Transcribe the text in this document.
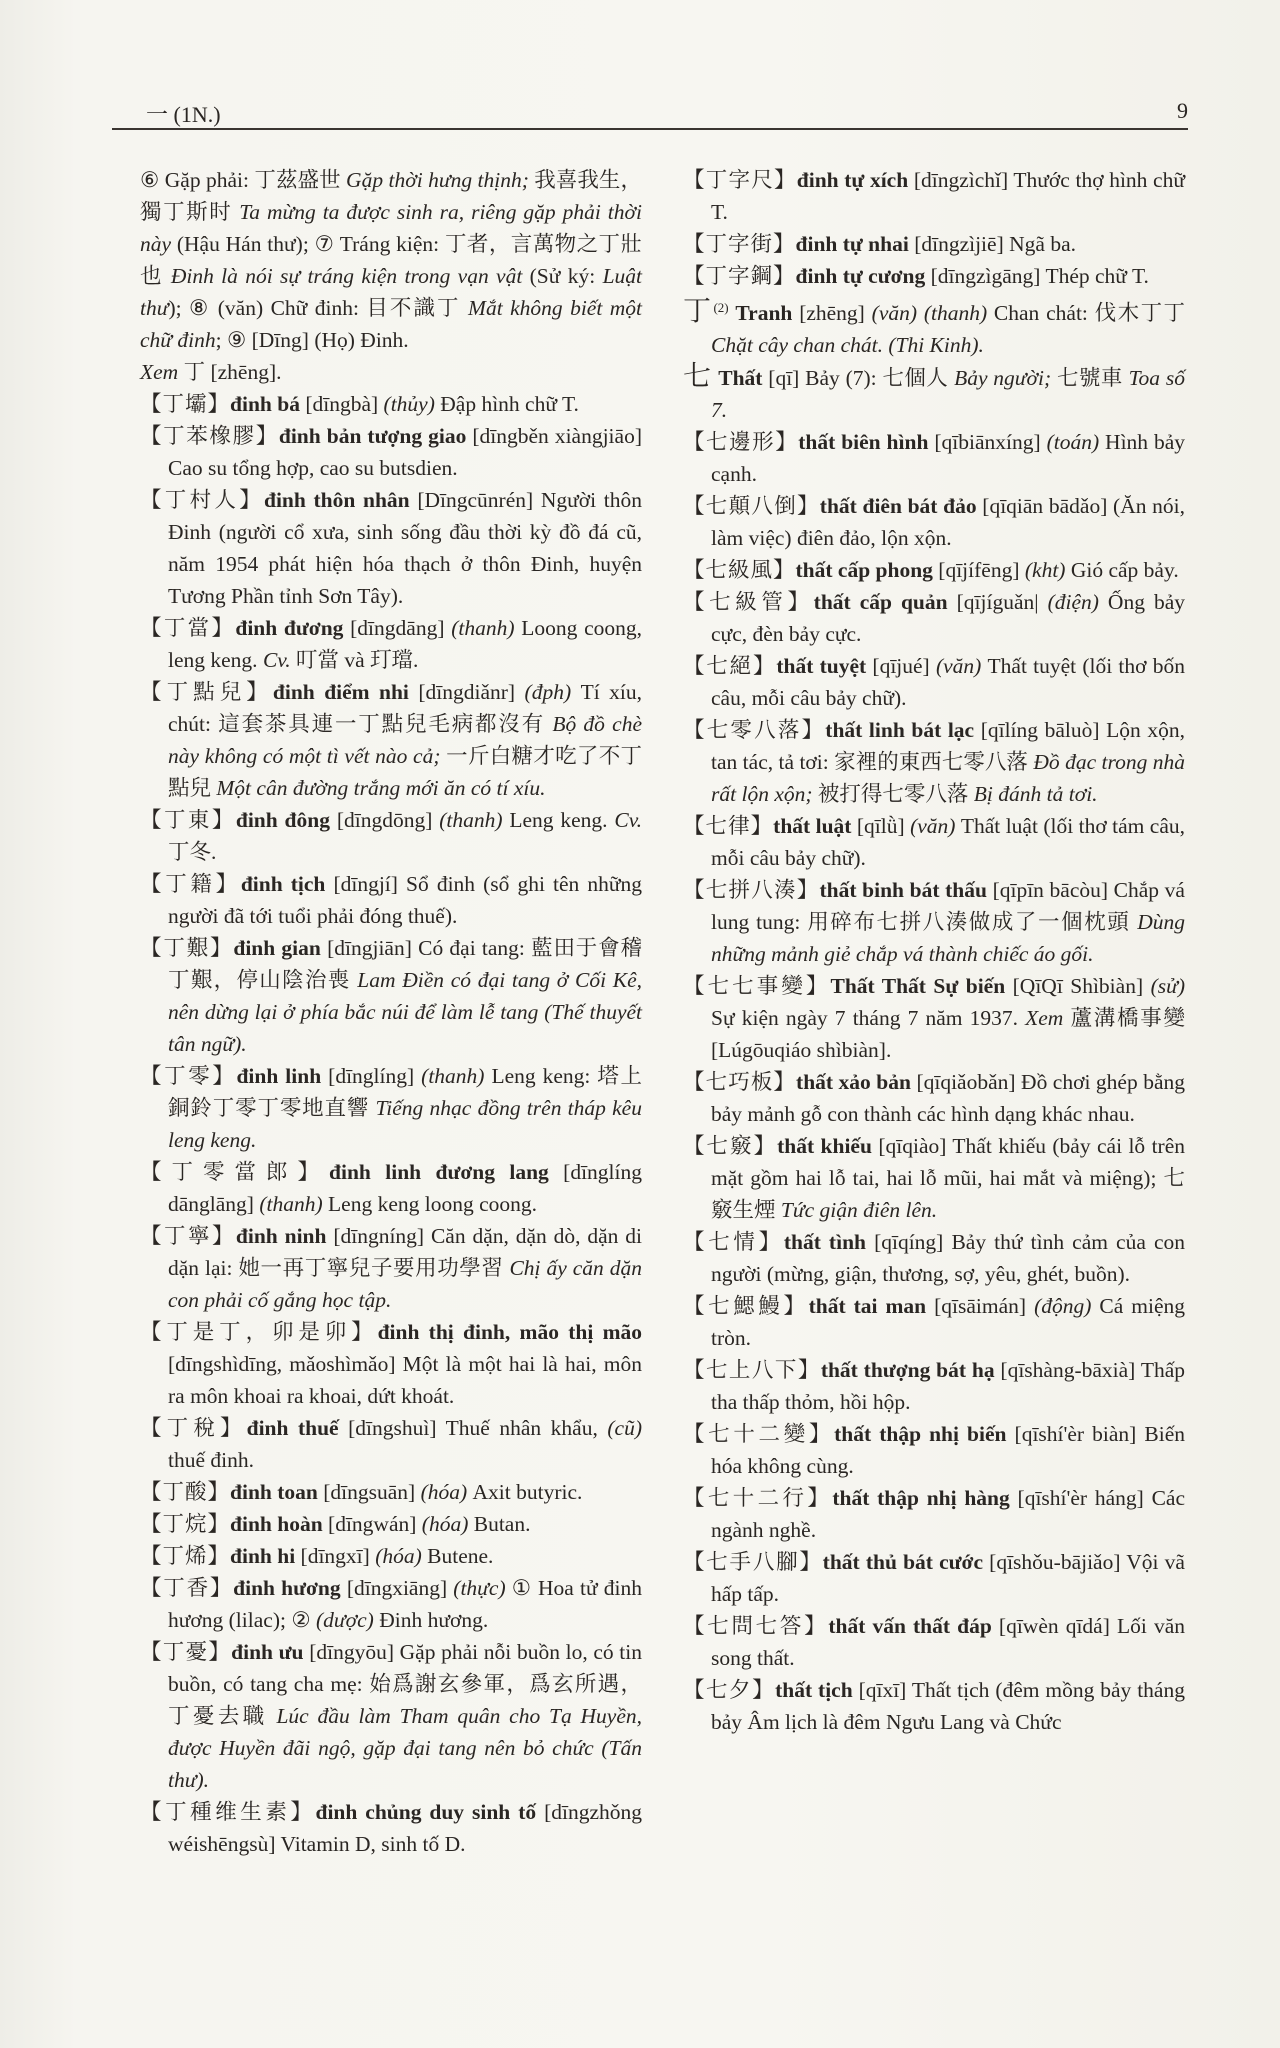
一 (1N.)	9

⑥ Gặp phải: 丁茲盛世 Gặp thời hưng thịnh; 我喜我生，獨丁斯时 Ta mừng ta được sinh ra, riêng gặp phải thời này (Hậu Hán thư); ⑦ Tráng kiện: 丁者，言萬物之丁壯也 Đinh là nói sự tráng kiện trong vạn vật (Sử ký: Luật thư); ⑧ (văn) Chữ đinh: 目不識丁 Mắt không biết một chữ đinh; ⑨ [Dīng] (Họ) Đinh.

Xem 丁 [zhēng].

【丁壩】đinh bá [dīngbà] (thủy) Đập hình chữ T.

【丁苯橡膠】đinh bản tượng giao [dīngběn xiàngjiāo] Cao su tổng hợp, cao su butsdien.

【丁村人】đinh thôn nhân [Dīngcūnrén] Người thôn Đinh (người cổ xưa, sinh sống đầu thời kỳ đồ đá cũ, năm 1954 phát hiện hóa thạch ở thôn Đinh, huyện Tương Phần tỉnh Sơn Tây).

【丁當】đinh đương [dīngdāng] (thanh) Loong coong, leng keng. Cv. 叮當 và 玎璫.

【丁點兒】đinh điểm nhi [dīngdiǎnr] (đph) Tí xíu, chút: 這套茶具連一丁點兒毛病都沒有 Bộ đồ chè này không có một tì vết nào cả; 一斤白糖才吃了不丁點兒 Một cân đường trắng mới ăn có tí xíu.

【丁東】đinh đông [dīngdōng] (thanh) Leng keng. Cv. 丁冬.

【丁籍】đinh tịch [dīngjí] Sổ đinh (sổ ghi tên những người đã tới tuổi phải đóng thuế).

【丁艱】đinh gian [dīngjiān] Có đại tang: 藍田于會稽丁艱，停山陰治喪 Lam Điền có đại tang ở Cối Kê, nên dừng lại ở phía bắc núi để làm lễ tang (Thế thuyết tân ngữ).

【丁零】đinh linh [dīnglíng] (thanh) Leng keng: 塔上銅鈴丁零丁零地直響 Tiếng nhạc đồng trên tháp kêu leng keng.

【丁零當郎】đinh linh đương lang [dīnglíng dānglāng] (thanh) Leng keng loong coong.

【丁寧】đinh ninh [dīngníng] Căn dặn, dặn dò, dặn di dặn lại: 她一再丁寧兒子要用功學習 Chị ấy căn dặn con phải cố gắng học tập.

【丁是丁，卯是卯】đinh thị đinh, mão thị mão [dīngshìdīng, mǎoshìmǎo] Một là một hai là hai, môn ra môn khoai ra khoai, dứt khoát.

【丁稅】đinh thuế [dīngshuì] Thuế nhân khẩu, (cũ) thuế đinh.

【丁酸】đinh toan [dīngsuān] (hóa) Axit butyric.

【丁烷】đinh hoàn [dīngwán] (hóa) Butan.

【丁烯】đinh hi [dīngxī] (hóa) Butene.

【丁香】đinh hương [dīngxiāng] (thực) ① Hoa tử đinh hương (lilac); ② (dược) Đinh hương.

【丁憂】đinh ưu [dīngyōu] Gặp phải nỗi buồn lo, có tin buồn, có tang cha mẹ: 始爲謝玄參軍，爲玄所遇，丁憂去職 Lúc đầu làm Tham quân cho Tạ Huyền, được Huyền đãi ngộ, gặp đại tang nên bỏ chức (Tấn thư).

【丁種维生素】đinh chủng duy sinh tố [dīngzhǒng wéishēngsù] Vitamin D, sinh tố D.

【丁字尺】đinh tự xích [dīngzìchǐ] Thước thợ hình chữ T.

【丁字街】đinh tự nhai [dīngzìjiē] Ngã ba.

【丁字鋼】đinh tự cương [dīngzìgāng] Thép chữ T.

丁$^{(2)}$ Tranh [zhēng] (văn) (thanh) Chan chát: 伐木丁丁 Chặt cây chan chát. (Thi Kinh).

七 Thất [qī] Bảy (7): 七個人 Bảy người; 七號車 Toa số 7.

【七邊形】thất biên hình [qībiānxíng] (toán) Hình bảy cạnh.

【七顛八倒】thất điên bát đảo [qīqiān bādǎo] (Ăn nói, làm việc) điên đảo, lộn xộn.

【七級風】thất cấp phong [qījífēng] (kht) Gió cấp bảy.

【七級管】thất cấp quản [qījíguǎn| (điện) Ống bảy cực, đèn bảy cực.

【七絕】thất tuyệt [qījué] (văn) Thất tuyệt (lối thơ bốn câu, mỗi câu bảy chữ).

【七零八落】thất linh bát lạc [qīlíng bāluò] Lộn xộn, tan tác, tả tơi: 家裡的東西七零八落 Đồ đạc trong nhà rất lộn xộn; 被打得七零八落 Bị đánh tả tơi.

【七律】thất luật [qīlǜ] (văn) Thất luật (lối thơ tám câu, mỗi câu bảy chữ).

【七拼八湊】thất binh bát thấu [qīpīn bācòu] Chắp vá lung tung: 用碎布七拼八湊做成了一個枕頭 Dùng những mảnh giẻ chắp vá thành chiếc áo gối.

【七七事變】Thất Thất Sự biến [QīQī Shìbiàn] (sử) Sự kiện ngày 7 tháng 7 năm 1937. Xem 蘆溝橋事變 [Lúgōuqiáo shìbiàn].

【七巧板】thất xảo bản [qīqiǎobǎn] Đồ chơi ghép bằng bảy mảnh gỗ con thành các hình dạng khác nhau.

【七竅】thất khiếu [qīqiào] Thất khiếu (bảy cái lỗ trên mặt gồm hai lỗ tai, hai lỗ mũi, hai mắt và miệng); 七竅生煙 Tức giận điên lên.

【七情】thất tình [qīqíng] Bảy thứ tình cảm của con người (mừng, giận, thương, sợ, yêu, ghét, buồn).

【七鰓鰻】thất tai man [qīsāimán] (động) Cá miệng tròn.

【七上八下】thất thượng bát hạ [qīshàng-bāxià] Thấp tha thấp thỏm, hồi hộp.

【七十二變】thất thập nhị biến [qīshí'èr biàn] Biến hóa không cùng.

【七十二行】thất thập nhị hàng [qīshí'èr háng] Các ngành nghề.

【七手八腳】thất thủ bát cước [qīshǒu-bājiǎo] Vội vã hấp tấp.

【七問七答】thất vấn thất đáp [qīwèn qīdá] Lối văn song thất.

【七夕】thất tịch [qīxī] Thất tịch (đêm mồng bảy tháng bảy Âm lịch là đêm Ngưu Lang và Chức
